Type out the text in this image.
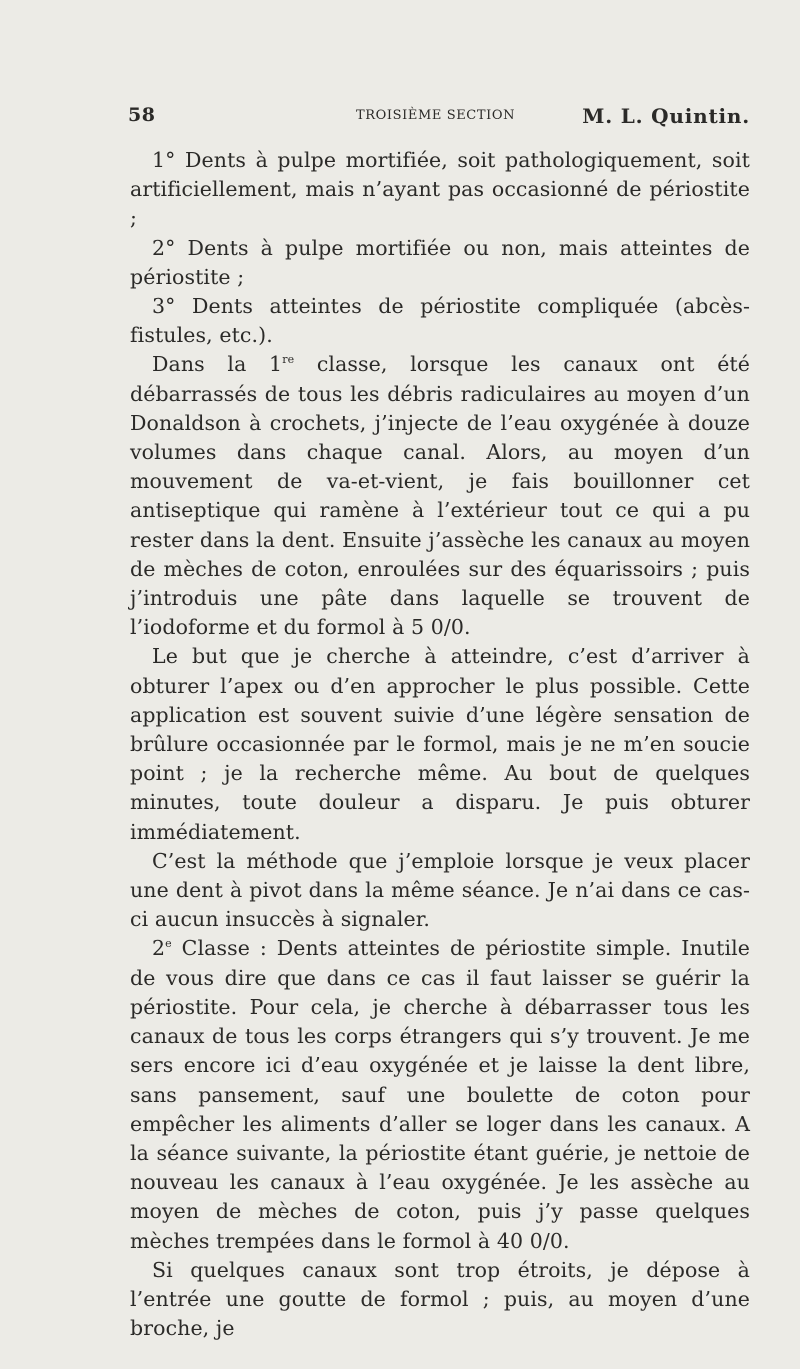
58	TROISIÈME SECTION	M. L. Quintin.

1° Dents à pulpe mortifiée, soit pathologiquement, soit artificiellement, mais n’ayant pas occasionné de périostite ;

2° Dents à pulpe mortifiée ou non, mais atteintes de périostite ;

3° Dents atteintes de périostite compliquée (abcès-fistules, etc.).

Dans la 1re classe, lorsque les canaux ont été débarrassés de tous les débris radiculaires au moyen d’un Donaldson à crochets, j’injecte de l’eau oxygénée à douze volumes dans chaque canal. Alors, au moyen d’un mouvement de va-et-vient, je fais bouillonner cet antiseptique qui ramène à l’extérieur tout ce qui a pu rester dans la dent. Ensuite j’assèche les canaux au moyen de mèches de coton, enroulées sur des équarissoirs ; puis j’introduis une pâte dans laquelle se trouvent de l’iodoforme et du formol à 5 0/0.

Le but que je cherche à atteindre, c’est d’arriver à obturer l’apex ou d’en approcher le plus possible. Cette application est souvent suivie d’une légère sensation de brûlure occasionnée par le formol, mais je ne m’en soucie point ; je la recherche même. Au bout de quelques minutes, toute douleur a disparu. Je puis obturer immédiatement.

C’est la méthode que j’emploie lorsque je veux placer une dent à pivot dans la même séance. Je n’ai dans ce cas-ci aucun insuccès à signaler.

2e Classe : Dents atteintes de périostite simple. Inutile de vous dire que dans ce cas il faut laisser se guérir la périostite. Pour cela, je cherche à débarrasser tous les canaux de tous les corps étrangers qui s’y trouvent. Je me sers encore ici d’eau oxygénée et je laisse la dent libre, sans pansement, sauf une boulette de coton pour empêcher les aliments d’aller se loger dans les canaux. A la séance suivante, la périostite étant guérie, je nettoie de nouveau les canaux à l’eau oxygénée. Je les assèche au moyen de mèches de coton, puis j’y passe quelques mèches trempées dans le formol à 40 0/0.

Si quelques canaux sont trop étroits, je dépose à l’entrée une goutte de formol ; puis, au moyen d’une broche, je
